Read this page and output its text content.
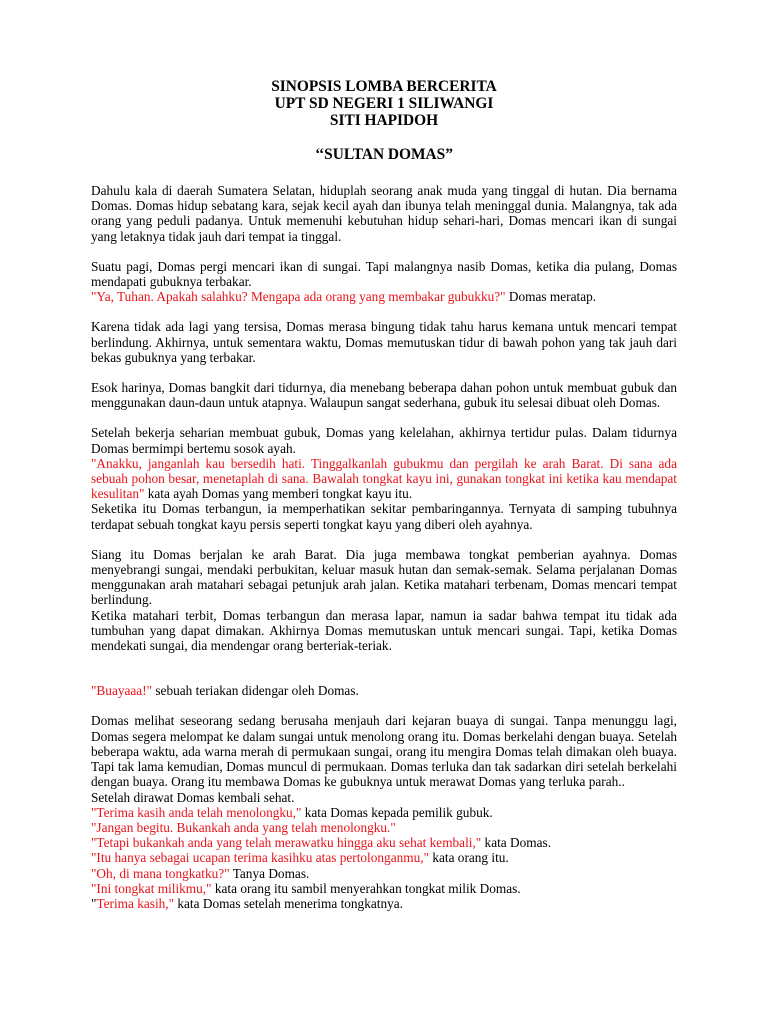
SINOPSIS LOMBA BERCERITA
UPT SD NEGERI 1 SILIWANGI
SITI HAPIDOH
‘‘SULTAN DOMAS”

Dahulu kala di daerah Sumatera Selatan, hiduplah seorang anak muda yang tinggal di hutan. Dia bernama Domas. Domas hidup sebatang kara, sejak kecil ayah dan ibunya telah meninggal dunia. Malangnya, tak ada orang yang peduli padanya. Untuk memenuhi kebutuhan hidup sehari-hari, Domas mencari ikan di sungai yang letaknya tidak jauh dari tempat ia tinggal.

Suatu pagi, Domas pergi mencari ikan di sungai. Tapi malangnya nasib Domas, ketika dia pulang, Domas mendapati gubuknya terbakar.

"Ya, Tuhan. Apakah salahku? Mengapa ada orang yang membakar gubukku?" Domas meratap.

Karena tidak ada lagi yang tersisa, Domas merasa bingung tidak tahu harus kemana untuk mencari tempat berlindung. Akhirnya, untuk sementara waktu, Domas memutuskan tidur di bawah pohon yang tak jauh dari bekas gubuknya yang terbakar.

Esok harinya, Domas bangkit dari tidurnya, dia menebang beberapa dahan pohon untuk membuat gubuk dan menggunakan daun-daun untuk atapnya. Walaupun sangat sederhana, gubuk itu selesai dibuat oleh Domas.

Setelah bekerja seharian membuat gubuk, Domas yang kelelahan, akhirnya tertidur pulas. Dalam tidurnya Domas bermimpi bertemu sosok ayah.

"Anakku, janganlah kau bersedih hati. Tinggalkanlah gubukmu dan pergilah ke arah Barat. Di sana ada sebuah pohon besar, menetaplah di sana. Bawalah tongkat kayu ini, gunakan tongkat ini ketika kau mendapat kesulitan" kata ayah Domas yang memberi tongkat kayu itu.

Seketika itu Domas terbangun, ia memperhatikan sekitar pembaringannya. Ternyata di samping tubuhnya terdapat sebuah tongkat kayu persis seperti tongkat kayu yang diberi oleh ayahnya.

Siang itu Domas berjalan ke arah Barat. Dia juga membawa tongkat pemberian ayahnya. Domas menyebrangi sungai, mendaki perbukitan, keluar masuk hutan dan semak-semak. Selama perjalanan Domas menggunakan arah matahari sebagai petunjuk arah jalan. Ketika matahari terbenam, Domas mencari tempat berlindung.

Ketika matahari terbit, Domas terbangun dan merasa lapar, namun ia sadar bahwa tempat itu tidak ada tumbuhan yang dapat dimakan. Akhirnya Domas memutuskan untuk mencari sungai. Tapi, ketika Domas mendekati sungai, dia mendengar orang berteriak-teriak.

"Buayaaa!" sebuah teriakan didengar oleh Domas.

Domas melihat seseorang sedang berusaha menjauh dari kejaran buaya di sungai. Tanpa menunggu lagi, Domas segera melompat ke dalam sungai untuk menolong orang itu. Domas berkelahi dengan buaya. Setelah beberapa waktu, ada warna merah di permukaan sungai, orang itu mengira Domas telah dimakan oleh buaya. Tapi tak lama kemudian, Domas muncul di permukaan. Domas terluka dan tak sadarkan diri setelah berkelahi dengan buaya. Orang itu membawa Domas ke gubuknya untuk merawat Domas yang terluka parah..

Setelah dirawat Domas kembali sehat.

"Terima kasih anda telah menolongku," kata Domas kepada pemilik gubuk.

"Jangan begitu. Bukankah anda yang telah menolongku."

"Tetapi bukankah anda yang telah merawatku hingga aku sehat kembali," kata Domas.

"Itu hanya sebagai ucapan terima kasihku atas pertolonganmu," kata orang itu.

"Oh, di mana tongkatku?" Tanya Domas.

"Ini tongkat milikmu," kata orang itu sambil menyerahkan tongkat milik Domas.

"Terima kasih," kata Domas setelah menerima tongkatnya.
